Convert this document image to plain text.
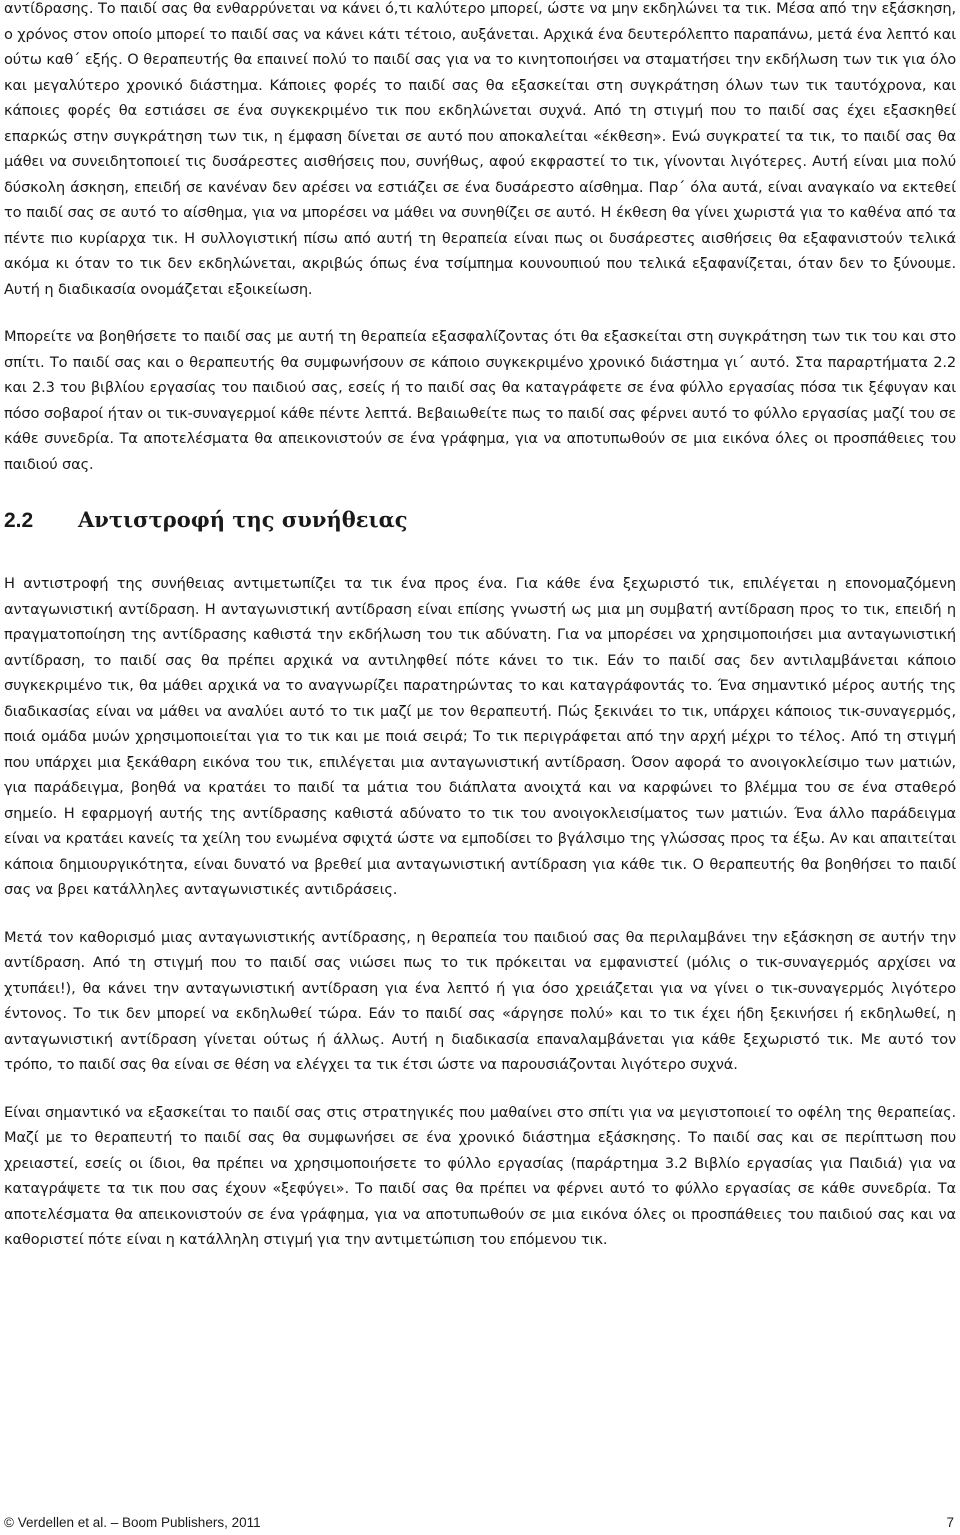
αντίδρασης. Το παιδί σας θα ενθαρρύνεται να κάνει ό,τι καλύτερο μπορεί, ώστε να μην εκδηλώνει τα τικ. Μέσα από την εξάσκηση, ο χρόνος στον οποίο μπορεί το παιδί σας να κάνει κάτι τέτοιο, αυξάνεται. Αρχικά ένα δευτερόλεπτο παραπάνω, μετά ένα λεπτό και ούτω καθ΄ εξής. Ο θεραπευτής θα επαινεί πολύ το παιδί σας για να το κινητοποιήσει να σταματήσει την εκδήλωση των τικ για όλο και μεγαλύτερο χρονικό διάστημα. Κάποιες φορές το παιδί σας θα εξασκείται στη συγκράτηση όλων των τικ ταυτόχρονα, και κάποιες φορές θα εστιάσει σε ένα συγκεκριμένο τικ που εκδηλώνεται συχνά. Από τη στιγμή που το παιδί σας έχει εξασκηθεί επαρκώς στην συγκράτηση των τικ, η έμφαση δίνεται σε αυτό που αποκαλείται «έκθεση». Ενώ συγκρατεί τα τικ, το παιδί σας θα μάθει να συνειδητοποιεί τις δυσάρεστες αισθήσεις που, συνήθως, αφού εκφραστεί το τικ, γίνονται λιγότερες. Αυτή είναι μια πολύ δύσκολη άσκηση, επειδή σε κανέναν δεν αρέσει να εστιάζει σε ένα δυσάρεστο αίσθημα. Παρ΄ όλα αυτά, είναι αναγκαίο να εκτεθεί το παιδί σας σε αυτό το αίσθημα, για να μπορέσει να μάθει να συνηθίζει σε αυτό. Η έκθεση θα γίνει χωριστά για το καθένα από τα πέντε πιο κυρίαρχα τικ. Η συλλογιστική πίσω από αυτή τη θεραπεία είναι πως οι δυσάρεστες αισθήσεις θα εξαφανιστούν τελικά ακόμα κι όταν το τικ δεν εκδηλώνεται, ακριβώς όπως ένα τσίμπημα κουνουπιού που τελικά εξαφανίζεται, όταν δεν το ξύνουμε. Αυτή η διαδικασία ονομάζεται εξοικείωση.

Μπορείτε να βοηθήσετε το παιδί σας με αυτή τη θεραπεία εξασφαλίζοντας ότι θα εξασκείται στη συγκράτηση των τικ του και στο σπίτι. Το παιδί σας και ο θεραπευτής θα συμφωνήσουν σε κάποιο συγκεκριμένο χρονικό διάστημα γι΄ αυτό. Στα παραρτήματα 2.2 και 2.3 του βιβλίου εργασίας του παιδιού σας, εσείς ή το παιδί σας θα καταγράφετε σε ένα φύλλο εργασίας πόσα τικ ξέφυγαν και πόσο σοβαροί ήταν οι τικ-συναγερμοί κάθε πέντε λεπτά. Βεβαιωθείτε πως το παιδί σας φέρνει αυτό το φύλλο εργασίας μαζί του σε κάθε συνεδρία. Τα αποτελέσματα θα απεικονιστούν σε ένα γράφημα, για να αποτυπωθούν σε μια εικόνα όλες οι προσπάθειες του παιδιού σας.

2.2	Αντιστροφή της συνήθειας

Η αντιστροφή της συνήθειας αντιμετωπίζει τα τικ ένα προς ένα. Για κάθε ένα ξεχωριστό τικ, επιλέγεται η επονομαζόμενη ανταγωνιστική αντίδραση. Η ανταγωνιστική αντίδραση είναι επίσης γνωστή ως μια μη συμβατή αντίδραση προς το τικ, επειδή η πραγματοποίηση της αντίδρασης καθιστά την εκδήλωση του τικ αδύνατη. Για να μπορέσει να χρησιμοποιήσει μια ανταγωνιστική αντίδραση, το παιδί σας θα πρέπει αρχικά να αντιληφθεί πότε κάνει το τικ. Εάν το παιδί σας δεν αντιλαμβάνεται κάποιο συγκεκριμένο τικ, θα μάθει αρχικά να το αναγνωρίζει παρατηρώντας το και καταγράφοντάς το. Ένα σημαντικό μέρος αυτής της διαδικασίας είναι να μάθει να αναλύει αυτό το τικ μαζί με τον θεραπευτή. Πώς ξεκινάει το τικ, υπάρχει κάποιος τικ-συναγερμός, ποιά ομάδα μυών χρησιμοποιείται για το τικ και με ποιά σειρά; Το τικ περιγράφεται από την αρχή μέχρι το τέλος. Από τη στιγμή που υπάρχει μια ξεκάθαρη εικόνα του τικ, επιλέγεται μια ανταγωνιστική αντίδραση. Όσον αφορά το ανοιγοκλείσιμο των ματιών, για παράδειγμα, βοηθά να κρατάει το παιδί τα μάτια του διάπλατα ανοιχτά και να καρφώνει το βλέμμα του σε ένα σταθερό σημείο. Η εφαρμογή αυτής της αντίδρασης καθιστά αδύνατο το τικ του ανοιγοκλεισίματος των ματιών. Ένα άλλο παράδειγμα είναι να κρατάει κανείς τα χείλη του ενωμένα σφιχτά ώστε να εμποδίσει το βγάλσιμο της γλώσσας προς τα έξω. Αν και απαιτείται κάποια δημιουργικότητα, είναι δυνατό να βρεθεί μια ανταγωνιστική αντίδραση για κάθε τικ. Ο θεραπευτής θα βοηθήσει το παιδί σας να βρει κατάλληλες ανταγωνιστικές αντιδράσεις.

Μετά τον καθορισμό μιας ανταγωνιστικής αντίδρασης, η θεραπεία του παιδιού σας θα περιλαμβάνει την εξάσκηση σε αυτήν την αντίδραση. Από τη στιγμή που το παιδί σας νιώσει πως το τικ πρόκειται να εμφανιστεί (μόλις ο τικ-συναγερμός αρχίσει να χτυπάει!), θα κάνει την ανταγωνιστική αντίδραση για ένα λεπτό ή για όσο χρειάζεται για να γίνει ο τικ-συναγερμός λιγότερο έντονος. Το τικ δεν μπορεί να εκδηλωθεί τώρα. Εάν το παιδί σας «άργησε πολύ» και το τικ έχει ήδη ξεκινήσει ή εκδηλωθεί, η ανταγωνιστική αντίδραση γίνεται ούτως ή άλλως. Αυτή η διαδικασία επαναλαμβάνεται για κάθε ξεχωριστό τικ. Με αυτό τον τρόπο, το παιδί σας θα είναι σε θέση να ελέγχει τα τικ έτσι ώστε να παρουσιάζονται λιγότερο συχνά.

Είναι σημαντικό να εξασκείται το παιδί σας στις στρατηγικές που μαθαίνει στο σπίτι για να μεγιστοποιεί το οφέλη της θεραπείας. Μαζί με το θεραπευτή το παιδί σας θα συμφωνήσει σε ένα χρονικό διάστημα εξάσκησης. Το παιδί σας και σε περίπτωση που χρειαστεί, εσείς οι ίδιοι, θα πρέπει να χρησιμοποιήσετε το φύλλο εργασίας (παράρτημα 3.2 Βιβλίο εργασίας για Παιδιά) για να καταγράψετε τα τικ που σας έχουν «ξεφύγει». Το παιδί σας θα πρέπει να φέρνει αυτό το φύλλο εργασίας σε κάθε συνεδρία. Τα αποτελέσματα θα απεικονιστούν σε ένα γράφημα, για να αποτυπωθούν σε μια εικόνα όλες οι προσπάθειες του παιδιού σας και να καθοριστεί πότε είναι η κατάλληλη στιγμή για την αντιμετώπιση του επόμενου τικ.

© Verdellen et al. – Boom Publishers, 2011	7
